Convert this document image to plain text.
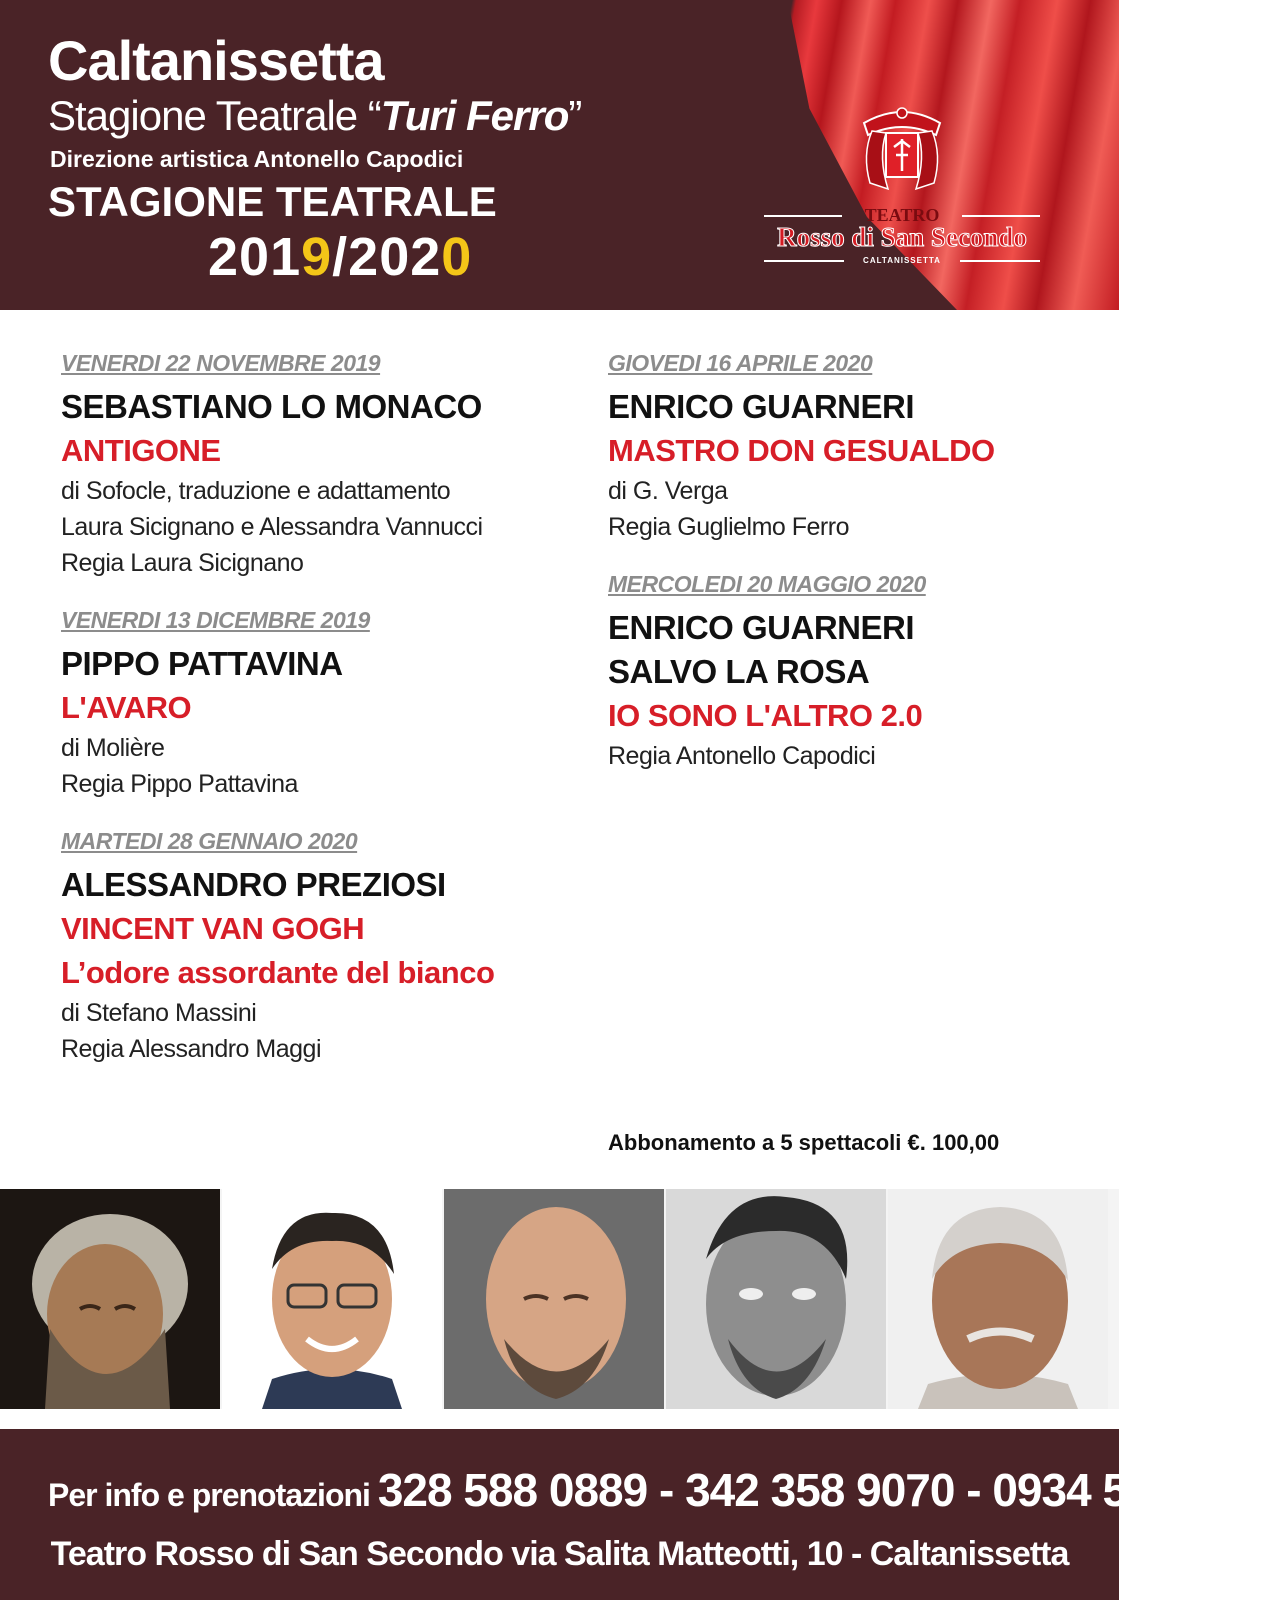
Caltanissetta
Stagione Teatrale “Turi Ferro”
Direzione artistica Antonello Capodici
STAGIONE TEATRALE
2019/2020
TEATRO
Rosso di San Secondo
CALTANISSETTA
VENERDI 22 NOVEMBRE 2019
SEBASTIANO LO MONACO
ANTIGONE
di Sofocle, traduzione e adattamento
Laura Sicignano e Alessandra Vannucci
Regia Laura Sicignano
VENERDI 13 DICEMBRE 2019
PIPPO PATTAVINA
L'AVARO
di Molière
Regia Pippo Pattavina
MARTEDI 28 GENNAIO 2020
ALESSANDRO PREZIOSI
VINCENT VAN GOGH
L’odore assordante del bianco
di Stefano Massini
Regia Alessandro Maggi
GIOVEDI 16 APRILE 2020
ENRICO GUARNERI
MASTRO DON GESUALDO
di G. Verga
Regia Guglielmo Ferro
MERCOLEDI 20 MAGGIO 2020
ENRICO GUARNERI
SALVO LA ROSA
IO SONO L'ALTRO 2.0
Regia Antonello Capodici
Abbonamento a 5 spettacoli €. 100,00
Per info e prenotazioni 328 588 0889 - 342 358 9070 - 0934 547 001
Teatro Rosso di San Secondo via Salita Matteotti, 10 - Caltanissetta
